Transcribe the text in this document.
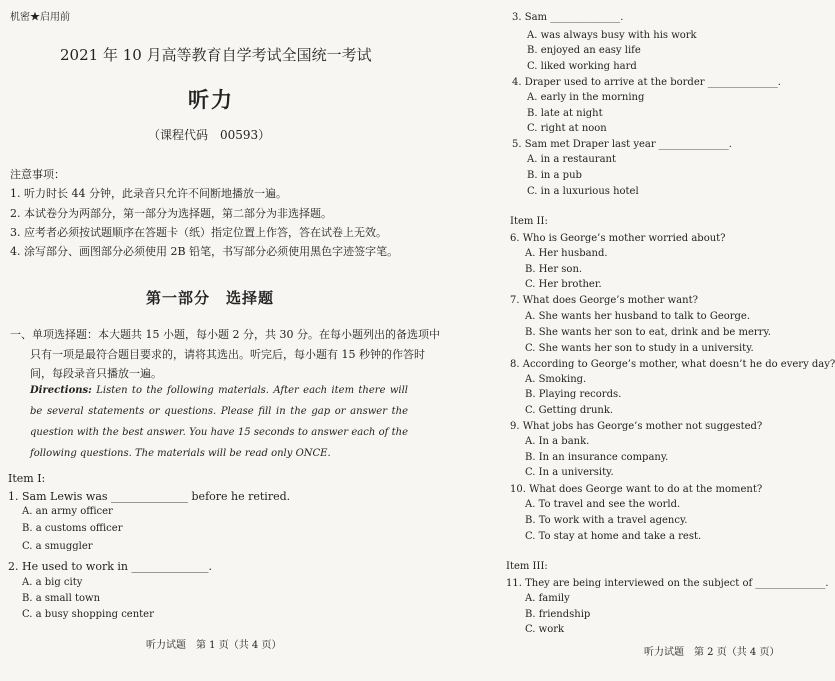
机密★启用前
2021 年 10 月高等教育自学考试全国统一考试
听力
（课程代码　00593）
注意事项：
1. 听力时长 44 分钟，此录音只允许不间断地播放一遍。
2. 本试卷分为两部分，第一部分为选择题，第二部分为非选择题。
3. 应考者必须按试题顺序在答题卡（纸）指定位置上作答，答在试卷上无效。
4. 涂写部分、画图部分必须使用 2B 铅笔，书写部分必须使用黑色字迹签字笔。
第一部分　选择题
一、单项选择题：本大题共 15 小题，每小题 2 分，共 30 分。在每小题列出的备选项中
只有一项是最符合题目要求的，请将其选出。听完后，每小题有 15 秒钟的作答时
间，每段录音只播放一遍。
Directions: Listen to the following materials. After each item there will be several statements or questions. Please fill in the gap or answer the question with the best answer. You have 15 seconds to answer each of the following questions. The materials will be read only ONCE.
Item I:
1. Sam Lewis was ______________ before he retired.
A. an army officer
B. a customs officer
C. a smuggler
2. He used to work in ______________.
A. a big city
B. a small town
C. a busy shopping center
听力试题　第 1 页（共 4 页）
3. Sam ______________.
A. was always busy with his work
B. enjoyed an easy life
C. liked working hard
4. Draper used to arrive at the border ______________.
A. early in the morning
B. late at night
C. right at noon
5. Sam met Draper last year ______________.
A. in a restaurant
B. in a pub
C. in a luxurious hotel
Item II:
6. Who is George’s mother worried about?
A. Her husband.
B. Her son.
C. Her brother.
7. What does George’s mother want?
A. She wants her husband to talk to George.
B. She wants her son to eat, drink and be merry.
C. She wants her son to study in a university.
8. According to George’s mother, what doesn’t he do every day?
A. Smoking.
B. Playing records.
C. Getting drunk.
9. What jobs has George’s mother not suggested?
A. In a bank.
B. In an insurance company.
C. In a university.
10. What does George want to do at the moment?
A. To travel and see the world.
B. To work with a travel agency.
C. To stay at home and take a rest.
Item III:
11. They are being interviewed on the subject of ______________.
A. family
B. friendship
C. work
听力试题　第 2 页（共 4 页）
